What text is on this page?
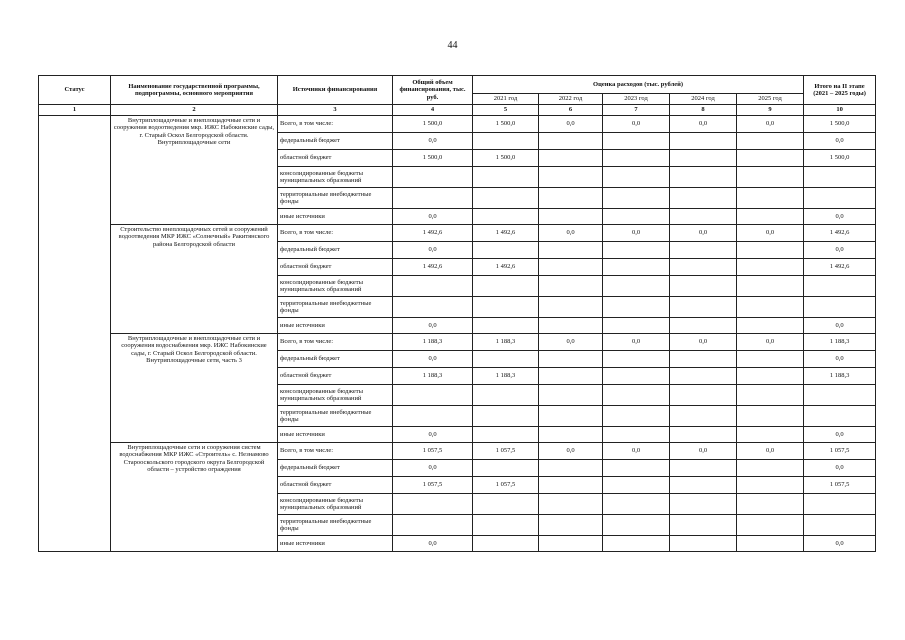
44
Статус	Наименование государственной программы, подпрограммы, основного мероприятия	Источники финансирования	Общий объем финансирования, тыс. руб.	Оценка расходов (тыс. рублей)					Итого на II этапе (2021 – 2025 годы)
				2021 год	2022 год	2023 год	2024 год	2025 год	
1	2	3	4	5	6	7	8	9	10
	Внутриплощадочные и внеплощадочные сети и сооружения водоотведения мкр. ИЖС Набокинские сады, г. Старый Оскол Белгородской области. Внутриплощадочные сети	Всего, в том числе:	1 500,0	1 500,0	0,0	0,0	0,0	0,0	1 500,0
		федеральный бюджет	0,0						0,0
		областной бюджет	1 500,0	1 500,0					1 500,0
		консолидированные бюджеты муниципальных образований							
		территориальные внебюджетные фонды							
		иные источники	0,0						0,0
	Строительство внеплощадочных сетей и сооружений водоотведения МКР ИЖС «Солнечный» Ракитянского района Белгородской области	Всего, в том числе:	1 492,6	1 492,6	0,0	0,0	0,0	0,0	1 492,6
		федеральный бюджет	0,0						0,0
		областной бюджет	1 492,6	1 492,6					1 492,6
		консолидированные бюджеты муниципальных образований							
		территориальные внебюджетные фонды							
		иные источники	0,0						0,0
	Внутриплощадочные и внеплощадочные сети и сооружения водоснабжения мкр. ИЖС Набокинские сады, г. Старый Оскол Белгородской области. Внутриплощадочные сети, часть 3	Всего, в том числе:	1 188,3	1 188,3	0,0	0,0	0,0	0,0	1 188,3
		федеральный бюджет	0,0						0,0
		областной бюджет	1 188,3	1 188,3					1 188,3
		консолидированные бюджеты муниципальных образований							
		территориальные внебюджетные фонды							
		иные источники	0,0						0,0
	Внутриплощадочные сети и сооружения систем водоснабжения МКР ИЖС «Строитель» с. Незнамово Старооскольского городского округа Белгородской области – устройство ограждения	Всего, в том числе:	1 057,5	1 057,5	0,0	0,0	0,0	0,0	1 057,5
		федеральный бюджет	0,0						0,0
		областной бюджет	1 057,5	1 057,5					1 057,5
		консолидированные бюджеты муниципальных образований							
		территориальные внебюджетные фонды							
		иные источники	0,0						0,0
